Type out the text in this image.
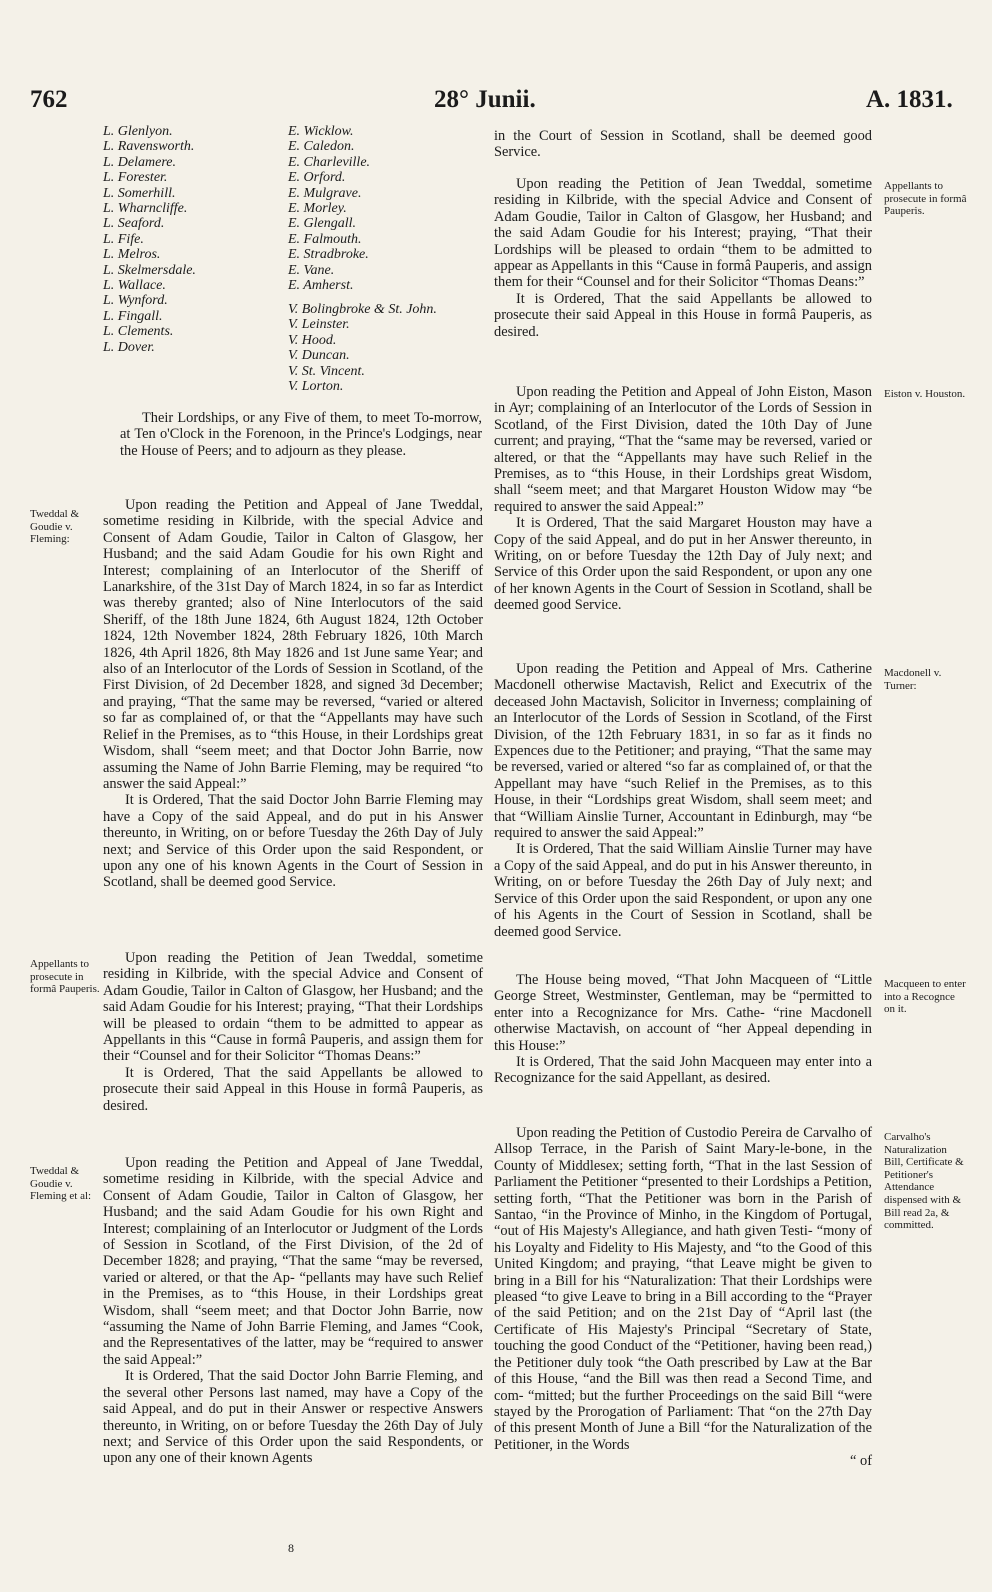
762	28° Junii.	A. 1831.
L. Glenlyon.
L. Ravensworth.
L. Delamere.
L. Forester.
L. Somerhill.
L. Wharncliffe.
L. Seaford.
L. Fife.
L. Melros.
L. Skelmersdale.
L. Wallace.
L. Wynford.
L. Fingall.
L. Clements.
L. Dover.
E. Wicklow.
E. Caledon.
E. Charleville.
E. Orford.
E. Mulgrave.
E. Morley.
E. Glengall.
E. Falmouth.
E. Stradbroke.
E. Vane.
E. Amherst.
V. Bolingbroke & St. John.
V. Leinster.
V. Hood.
V. Duncan.
V. St. Vincent.
V. Lorton.

Their Lordships, or any Five of them, to meet To-morrow, at Ten o'Clock in the Forenoon, in the Prince's Lodgings, near the House of Peers; and to adjourn as they please.

Tweddal & Goudie v. Fleming:

Upon reading the Petition and Appeal of Jane Tweddal, sometime residing in Kilbride, with the special Advice and Consent of Adam Goudie, Tailor in Calton of Glasgow, her Husband; and the said Adam Goudie for his own Right and Interest; complaining of an Interlocutor of the Sheriff of Lanarkshire, of the 31st Day of March 1824, in so far as Interdict was thereby granted; also of Nine Interlocutors of the said Sheriff, of the 18th June 1824, 6th August 1824, 12th October 1824, 12th November 1824, 28th February 1826, 10th March 1826, 4th April 1826, 8th May 1826 and 1st June same Year; and also of an Interlocutor of the Lords of Session in Scotland, of the First Division, of 2d December 1828, and signed 3d December; and praying, “That the same may be reversed, “varied or altered so far as complained of, or that the “Appellants may have such Relief in the Premises, as to “this House, in their Lordships great Wisdom, shall “seem meet; and that Doctor John Barrie, now assuming the Name of John Barrie Fleming, may be required “to answer the said Appeal:”

It is Ordered, That the said Doctor John Barrie Fleming may have a Copy of the said Appeal, and do put in his Answer thereunto, in Writing, on or before Tuesday the 26th Day of July next; and Service of this Order upon the said Respondent, or upon any one of his known Agents in the Court of Session in Scotland, shall be deemed good Service.

Appellants to prosecute in formâ Pauperis.

Upon reading the Petition of Jean Tweddal, sometime residing in Kilbride, with the special Advice and Consent of Adam Goudie, Tailor in Calton of Glasgow, her Husband; and the said Adam Goudie for his Interest; praying, “That their Lordships will be pleased to ordain “them to be admitted to appear as Appellants in this “Cause in formâ Pauperis, and assign them for their “Counsel and for their Solicitor “Thomas Deans:”

It is Ordered, That the said Appellants be allowed to prosecute their said Appeal in this House in formâ Pauperis, as desired.

Tweddal & Goudie v. Fleming et al:

Upon reading the Petition and Appeal of Jane Tweddal, sometime residing in Kilbride, with the special Advice and Consent of Adam Goudie, Tailor in Calton of Glasgow, her Husband; and the said Adam Goudie for his own Right and Interest; complaining of an Interlocutor or Judgment of the Lords of Session in Scotland, of the First Division, of the 2d of December 1828; and praying, “That the same “may be reversed, varied or altered, or that the Ap- “pellants may have such Relief in the Premises, as to “this House, in their Lordships great Wisdom, shall “seem meet; and that Doctor John Barrie, now “assuming the Name of John Barrie Fleming, and James “Cook, and the Representatives of the latter, may be “required to answer the said Appeal:”

It is Ordered, That the said Doctor John Barrie Fleming, and the several other Persons last named, may have a Copy of the said Appeal, and do put in their Answer or respective Answers thereunto, in Writing, on or before Tuesday the 26th Day of July next; and Service of this Order upon the said Respondents, or upon any one of their known Agents

in the Court of Session in Scotland, shall be deemed good Service.

Appellants to prosecute in formâ Pauperis.

Upon reading the Petition of Jean Tweddal, sometime residing in Kilbride, with the special Advice and Consent of Adam Goudie, Tailor in Calton of Glasgow, her Husband; and the said Adam Goudie for his Interest; praying, “That their Lordships will be pleased to ordain “them to be admitted to appear as Appellants in this “Cause in formâ Pauperis, and assign them for their “Counsel and for their Solicitor “Thomas Deans:”

It is Ordered, That the said Appellants be allowed to prosecute their said Appeal in this House in formâ Pauperis, as desired.

Eiston v. Houston.

Upon reading the Petition and Appeal of John Eiston, Mason in Ayr; complaining of an Interlocutor of the Lords of Session in Scotland, of the First Division, dated the 10th Day of June current; and praying, “That the “same may be reversed, varied or altered, or that the “Appellants may have such Relief in the Premises, as to “this House, in their Lordships great Wisdom, shall “seem meet; and that Margaret Houston Widow may “be required to answer the said Appeal:”

It is Ordered, That the said Margaret Houston may have a Copy of the said Appeal, and do put in her Answer thereunto, in Writing, on or before Tuesday the 12th Day of July next; and Service of this Order upon the said Respondent, or upon any one of her known Agents in the Court of Session in Scotland, shall be deemed good Service.

Macdonell v. Turner:

Upon reading the Petition and Appeal of Mrs. Catherine Macdonell otherwise Mactavish, Relict and Executrix of the deceased John Mactavish, Solicitor in Inverness; complaining of an Interlocutor of the Lords of Session in Scotland, of the First Division, of the 12th February 1831, in so far as it finds no Expences due to the Petitioner; and praying, “That the same may be reversed, varied or altered “so far as complained of, or that the Appellant may have “such Relief in the Premises, as to this House, in their “Lordships great Wisdom, shall seem meet; and that “William Ainslie Turner, Accountant in Edinburgh, may “be required to answer the said Appeal:”

It is Ordered, That the said William Ainslie Turner may have a Copy of the said Appeal, and do put in his Answer thereunto, in Writing, on or before Tuesday the 26th Day of July next; and Service of this Order upon the said Respondent, or upon any one of his Agents in the Court of Session in Scotland, shall be deemed good Service.

Macqueen to enter into a Recognce on it.

The House being moved, “That John Macqueen of “Little George Street, Westminster, Gentleman, may be “permitted to enter into a Recognizance for Mrs. Cathe- “rine Macdonell otherwise Mactavish, on account of “her Appeal depending in this House:”

It is Ordered, That the said John Macqueen may enter into a Recognizance for the said Appellant, as desired.

Carvalho's Naturalization Bill, Certificate & Petitioner's Attendance dispensed with & Bill read 2a, & committed.

Upon reading the Petition of Custodio Pereira de Carvalho of Allsop Terrace, in the Parish of Saint Mary-le-bone, in the County of Middlesex; setting forth, “That in the last Session of Parliament the Petitioner “presented to their Lordships a Petition, setting forth, “That the Petitioner was born in the Parish of Santao, “in the Province of Minho, in the Kingdom of Portugal, “out of His Majesty's Allegiance, and hath given Testi- “mony of his Loyalty and Fidelity to His Majesty, and “to the Good of this United Kingdom; and praying, “that Leave might be given to bring in a Bill for his “Naturalization: That their Lordships were pleased “to give Leave to bring in a Bill according to the “Prayer of the said Petition; and on the 21st Day of “April last (the Certificate of His Majesty's Principal “Secretary of State, touching the good Conduct of the “Petitioner, having been read,) the Petitioner duly took “the Oath prescribed by Law at the Bar of this House, “and the Bill was then read a Second Time, and com- “mitted; but the further Proceedings on the said Bill “were stayed by the Prorogation of Parliament: That “on the 27th Day of this present Month of June a Bill “for the Naturalization of the Petitioner, in the Words

“ of

8
